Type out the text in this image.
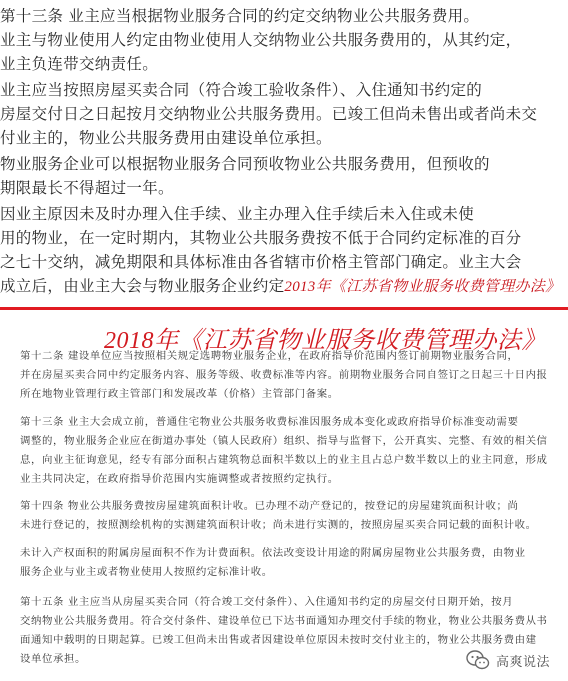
第十三条 业主应当根据物业服务合同的约定交纳物业公共服务费用。
业主与物业使用人约定由物业使用人交纳物业公共服务费用的，从其约定，
业主负连带交纳责任。
业主应当按照房屋买卖合同（符合竣工验收条件）、入住通知书约定的
房屋交付日之日起按月交纳物业公共服务费用。已竣工但尚未售出或者尚未交
付业主的，物业公共服务费用由建设单位承担。
物业服务企业可以根据物业服务合同预收物业公共服务费用，但预收的
期限最长不得超过一年。
因业主原因未及时办理入住手续、业主办理入住手续后未入住或未使
用的物业，在一定时期内，其物业公共服务费按不低于合同约定标准的百分
之七十交纳，减免期限和具体标准由各省辖市价格主管部门确定。业主大会
成立后，由业主大会与物业服务企业约定2013年《江苏省物业服务收费管理办法》
2018年《江苏省物业服务收费管理办法》
第十二条 建设单位应当按照相关规定选聘物业服务企业，在政府指导价范围内签订前期物业服务合同，
并在房屋买卖合同中约定服务内容、服务等级、收费标准等内容。前期物业服务合同自签订之日起三十日内报
所在地物业管理行政主管部门和发展改革（价格）主管部门备案。
第十三条 业主大会成立前，普通住宅物业公共服务收费标准因服务成本变化或政府指导价标准变动需要
调整的，物业服务企业应在街道办事处（镇人民政府）组织、指导与监督下，公开真实、完整、有效的相关信
息，向业主征询意见，经专有部分面积占建筑物总面积半数以上的业主且占总户数半数以上的业主同意，形成
业主共同决定，在政府指导价范围内实施调整或者按照约定执行。
第十四条 物业公共服务费按房屋建筑面积计收。已办理不动产登记的，按登记的房屋建筑面积计收；尚
未进行登记的，按照测绘机构的实测建筑面积计收；尚未进行实测的，按照房屋买卖合同记载的面积计收。
未计入产权面积的附属房屋面积不作为计费面积。依法改变设计用途的附属房屋物业公共服务费，由物业
服务企业与业主或者物业使用人按照约定标准计收。
第十五条 业主应当从房屋买卖合同（符合竣工交付条件）、入住通知书约定的房屋交付日期开始，按月
交纳物业公共服务费用。符合交付条件、建设单位已下达书面通知办理交付手续的物业，物业公共服务费从书
面通知中载明的日期起算。已竣工但尚未出售或者因建设单位原因未按时交付业主的，物业公共服务费由建
设单位承担。	高爽说法
